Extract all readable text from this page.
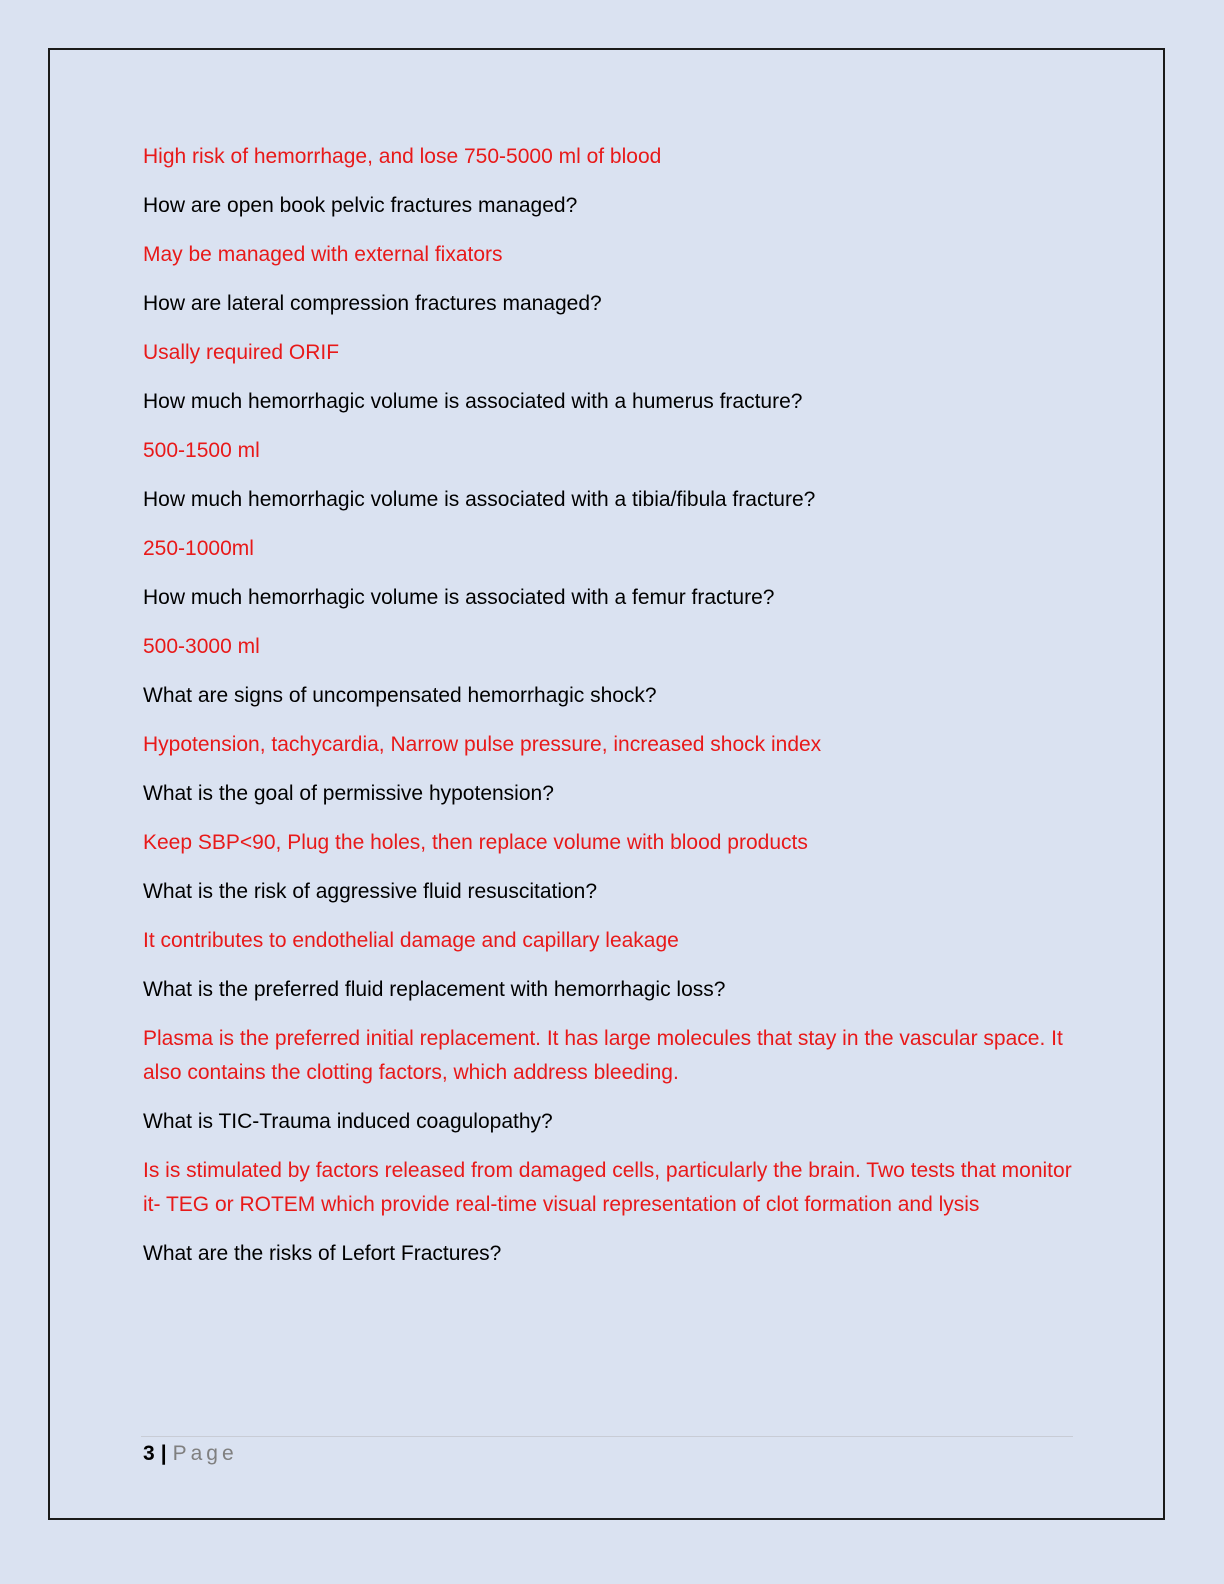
High risk of hemorrhage, and lose 750-5000 ml of blood

How are open book pelvic fractures managed?

May be managed with external fixators

How are lateral compression fractures managed?

Usally required ORIF

How much hemorrhagic volume is associated with a humerus fracture?

500-1500 ml

How much hemorrhagic volume is associated with a tibia/fibula fracture?

250-1000ml

How much hemorrhagic volume is associated with a femur fracture?

500-3000 ml

What are signs of uncompensated hemorrhagic shock?

Hypotension, tachycardia, Narrow pulse pressure, increased shock index

What is the goal of permissive hypotension?

Keep SBP<90, Plug the holes, then replace volume with blood products

What is the risk of aggressive fluid resuscitation?

It contributes to endothelial damage and capillary leakage

What is the preferred fluid replacement with hemorrhagic loss?

Plasma is the preferred initial replacement. It has large molecules that stay in the vascular space. It also contains the clotting factors, which address bleeding.

What is TIC-Trauma induced coagulopathy?

Is is stimulated by factors released from damaged cells, particularly the brain. Two tests that monitor it- TEG or ROTEM which provide real-time visual representation of clot formation and lysis

What are the risks of Lefort Fractures?

3 | Page
